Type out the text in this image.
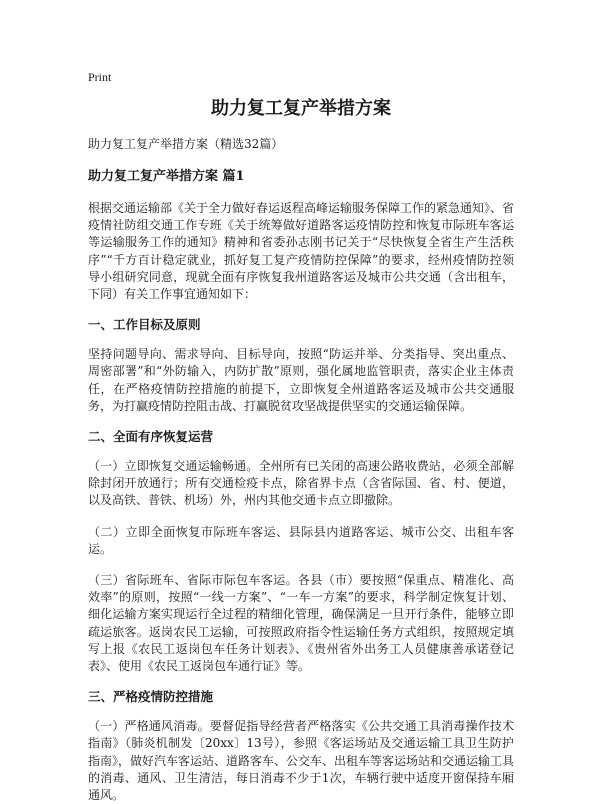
Print
助力复工复产举措方案
助力复工复产举措方案（精选32篇）
助力复工复产举措方案 篇1

根据交通运输部《关于全力做好春运返程高峰运输服务保障工作的紧急通知》、省疫情社防组交通工作专班《关于统筹做好道路客运疫情防控和恢复市际班车客运等运输服务工作的通知》精神和省委孙志刚书记关于“尽快恢复全省生产生活秩序”“千方百计稳定就业，抓好复工复产疫情防控保障”的要求，经州疫情防控领导小组研究同意，现就全面有序恢复我州道路客运及城市公共交通（含出租车，下同）有关工作事宜通知如下：

一、工作目标及原则

坚持问题导向、需求导向、目标导向，按照“防运并举、分类指导、突出重点、周密部署”和“外防输入，内防扩散”原则，强化属地监管职责，落实企业主体责任，在严格疫情防控措施的前提下，立即恢复全州道路客运及城市公共交通服务，为打赢疫情防控阻击战、打赢脱贫攻坚战提供坚实的交通运输保障。

二、全面有序恢复运营

（一）立即恢复交通运输畅通。全州所有已关闭的高速公路收费站，必须全部解除封闭开放通行；所有交通检疫卡点，除省界卡点（含省际国、省、村、便道，以及高铁、普铁、机场）外，州内其他交通卡点立即撤除。

（二）立即全面恢复市际班车客运、县际县内道路客运、城市公交、出租车客运。

（三）省际班车、省际市际包车客运。各县（市）要按照“保重点、精准化、高效率”的原则，按照“一线一方案”、“一车一方案”的要求，科学制定恢复计划、细化运输方案实现运行全过程的精细化管理，确保满足一旦开行条件，能够立即疏运旅客。返岗农民工运输，可按照政府指令性运输任务方式组织，按照规定填写上报《农民工返岗包车任务计划表》、《贵州省外出务工人员健康善承诺登记表》、使用《农民工返岗包车通行证》等。

三、严格疫情防控措施

（一）严格通风消毒。要督促指导经营者严格落实《公共交通工具消毒操作技术指南》（肺炎机制发〔20xx〕13号），参照《客运场站及交通运输工具卫生防护指南》，做好汽车客运站、道路客车、公交车、出租车等客运场站和交通运输工具的消毒、通风、卫生清洁，每日消毒不少于1次，车辆行驶中适度开窗保持车厢通风。
